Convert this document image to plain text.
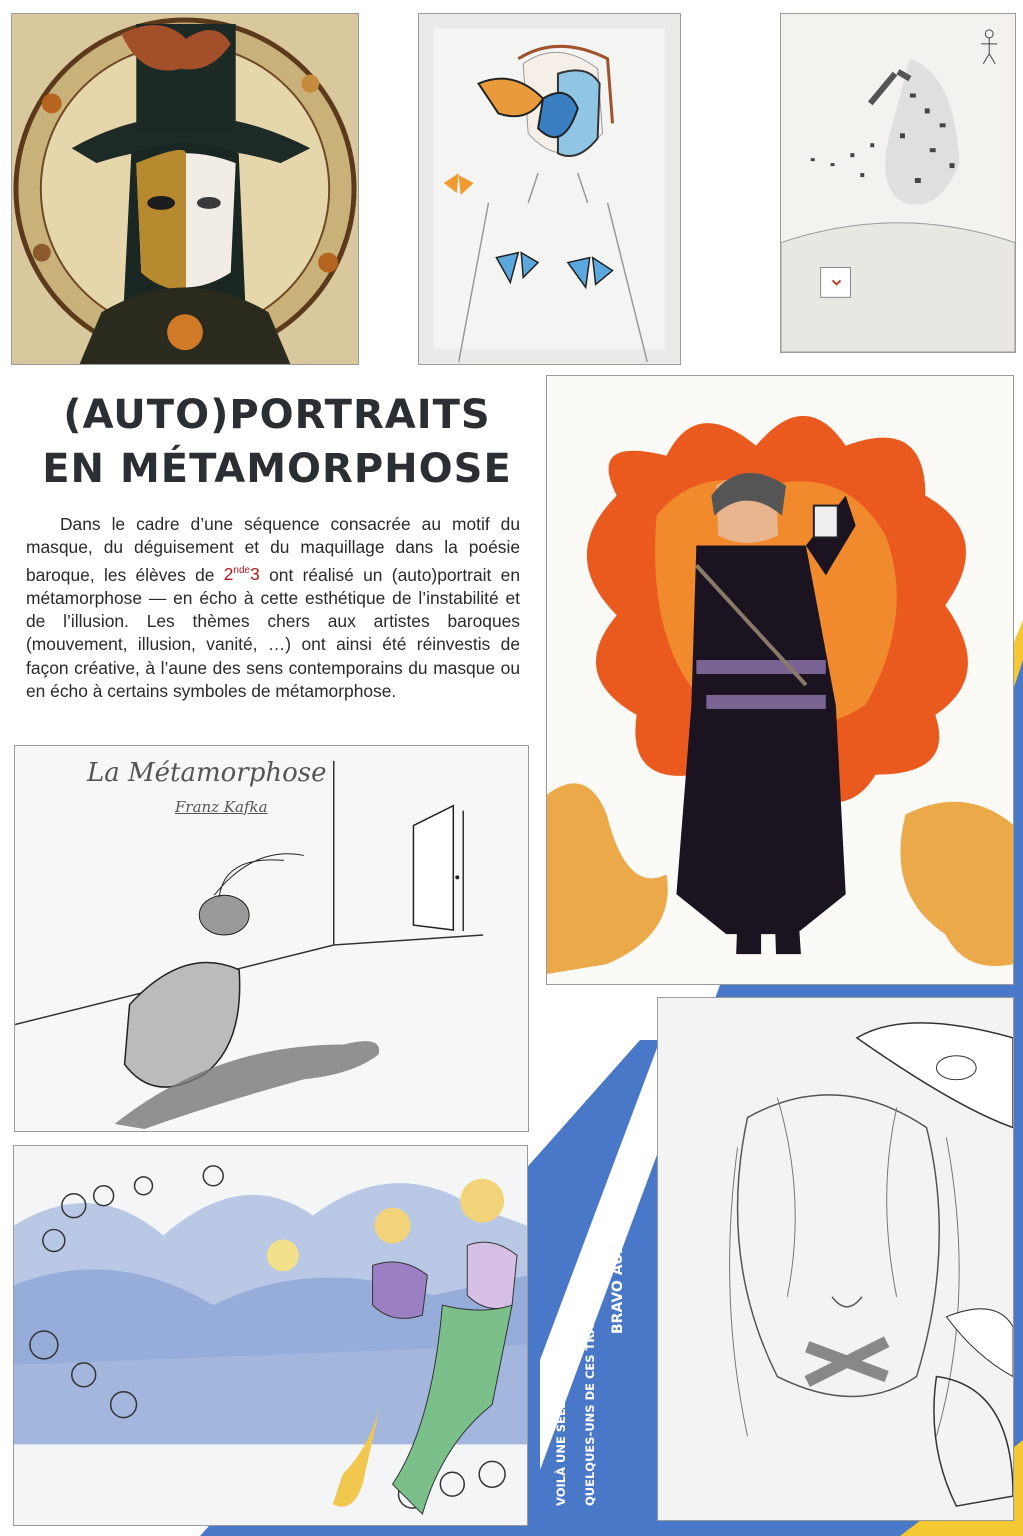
(AUTO)PORTRAITS
EN MÉTAMORPHOSE

Dans le cadre d’une séquence consacrée au motif du masque, du déguisement et du maquillage dans la poésie baroque, les élèves de 2nde3 ont réalisé un (auto)portrait en métamorphose — en écho à cette esthétique de l’instabilité et de l’illusion. Les thèmes chers aux artistes baroques (mouvement, illusion, vanité, …) ont ainsi été réinvestis de façon créative, à l’aune des sens contemporains du masque ou en écho à certains symboles de métamorphose.

La Métamorphose
Franz Kafka
VOILÀ UNE SÉLECTION DE QUELQUES-UNS DE CES TRAVAUX.
BRAVO AUX ÉLÈVES !
